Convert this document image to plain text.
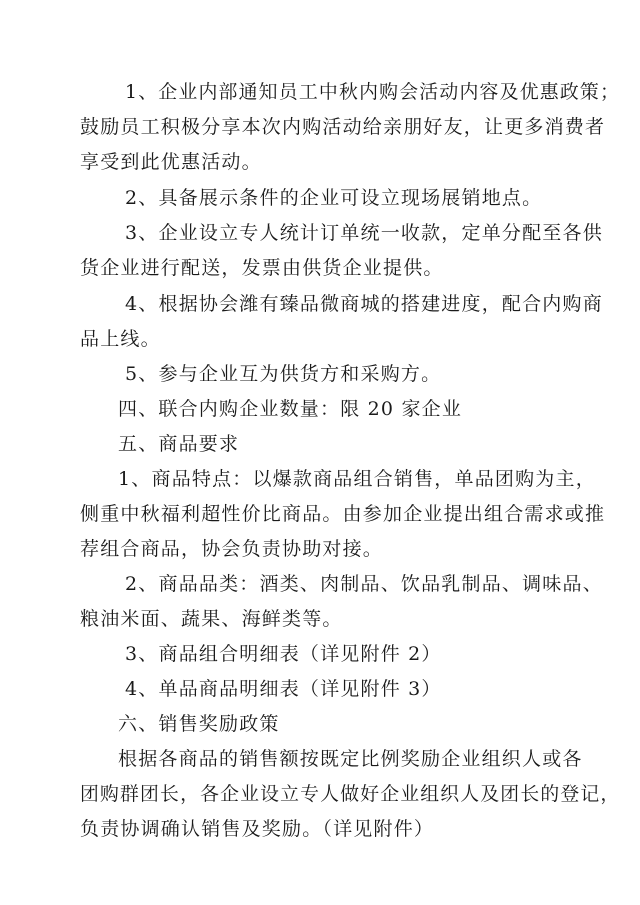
1、企业内部通知员工中秋内购会活动内容及优惠政策；
鼓励员工积极分享本次内购活动给亲朋好友，让更多消费者
享受到此优惠活动。
2、具备展示条件的企业可设立现场展销地点。
3、企业设立专人统计订单统一收款，定单分配至各供
货企业进行配送，发票由供货企业提供。
4、根据协会潍有臻品微商城的搭建进度，配合内购商
品上线。
5、参与企业互为供货方和采购方。
四、联合内购企业数量：限 20 家企业
五、商品要求
1、商品特点：以爆款商品组合销售，单品团购为主，
侧重中秋福利超性价比商品。由参加企业提出组合需求或推
荐组合商品，协会负责协助对接。
2、商品品类：酒类、肉制品、饮品乳制品、调味品、
粮油米面、蔬果、海鲜类等。
3、商品组合明细表（详见附件 2）
4、单品商品明细表（详见附件 3）
六、销售奖励政策
根据各商品的销售额按既定比例奖励企业组织人或各
团购群团长，各企业设立专人做好企业组织人及团长的登记，
负责协调确认销售及奖励。（详见附件）
